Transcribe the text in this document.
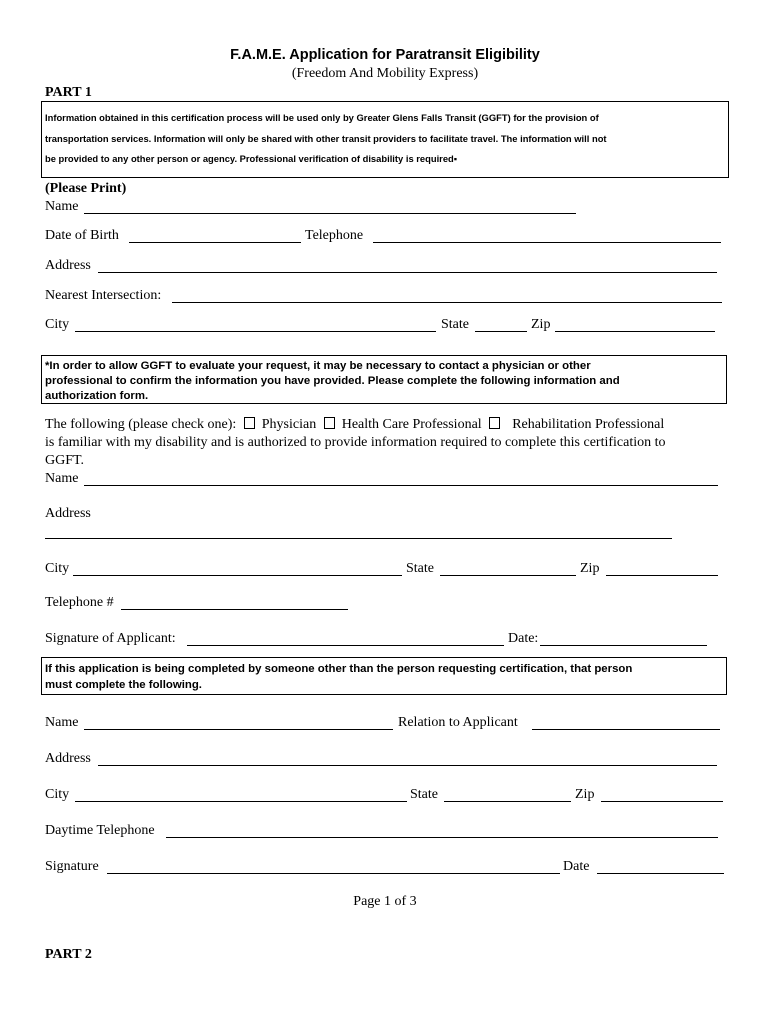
F.A.M.E. Application for Paratransit Eligibility
(Freedom And Mobility Express)
PART 1
Information obtained in this certification process will be used only by Greater Glens Falls Transit (GGFT) for the provision of
transportation services. Information will only be shared with other transit providers to facilitate travel. The information will not
be provided to any other person or agency. Professional verification of disability is required▪
(Please Print)
Name
Date of Birth	Telephone
Address
Nearest Intersection:
City	State	Zip
*In order to allow GGFT to evaluate your request, it may be necessary to contact a physician or other
professional to confirm the information you have provided. Please complete the following information and
authorization form.
The following (please check one): Physician Health Care Professional Rehabilitation Professional
is familiar with my disability and is authorized to provide information required to complete this certification to
GGFT.
Name
Address
City	State	Zip
Telephone #
Signature of Applicant:	Date:
If this application is being completed by someone other than the person requesting certification, that person
must complete the following.
Name	Relation to Applicant
Address
City	State	Zip
Daytime Telephone
Signature	Date
Page 1 of 3
PART 2
